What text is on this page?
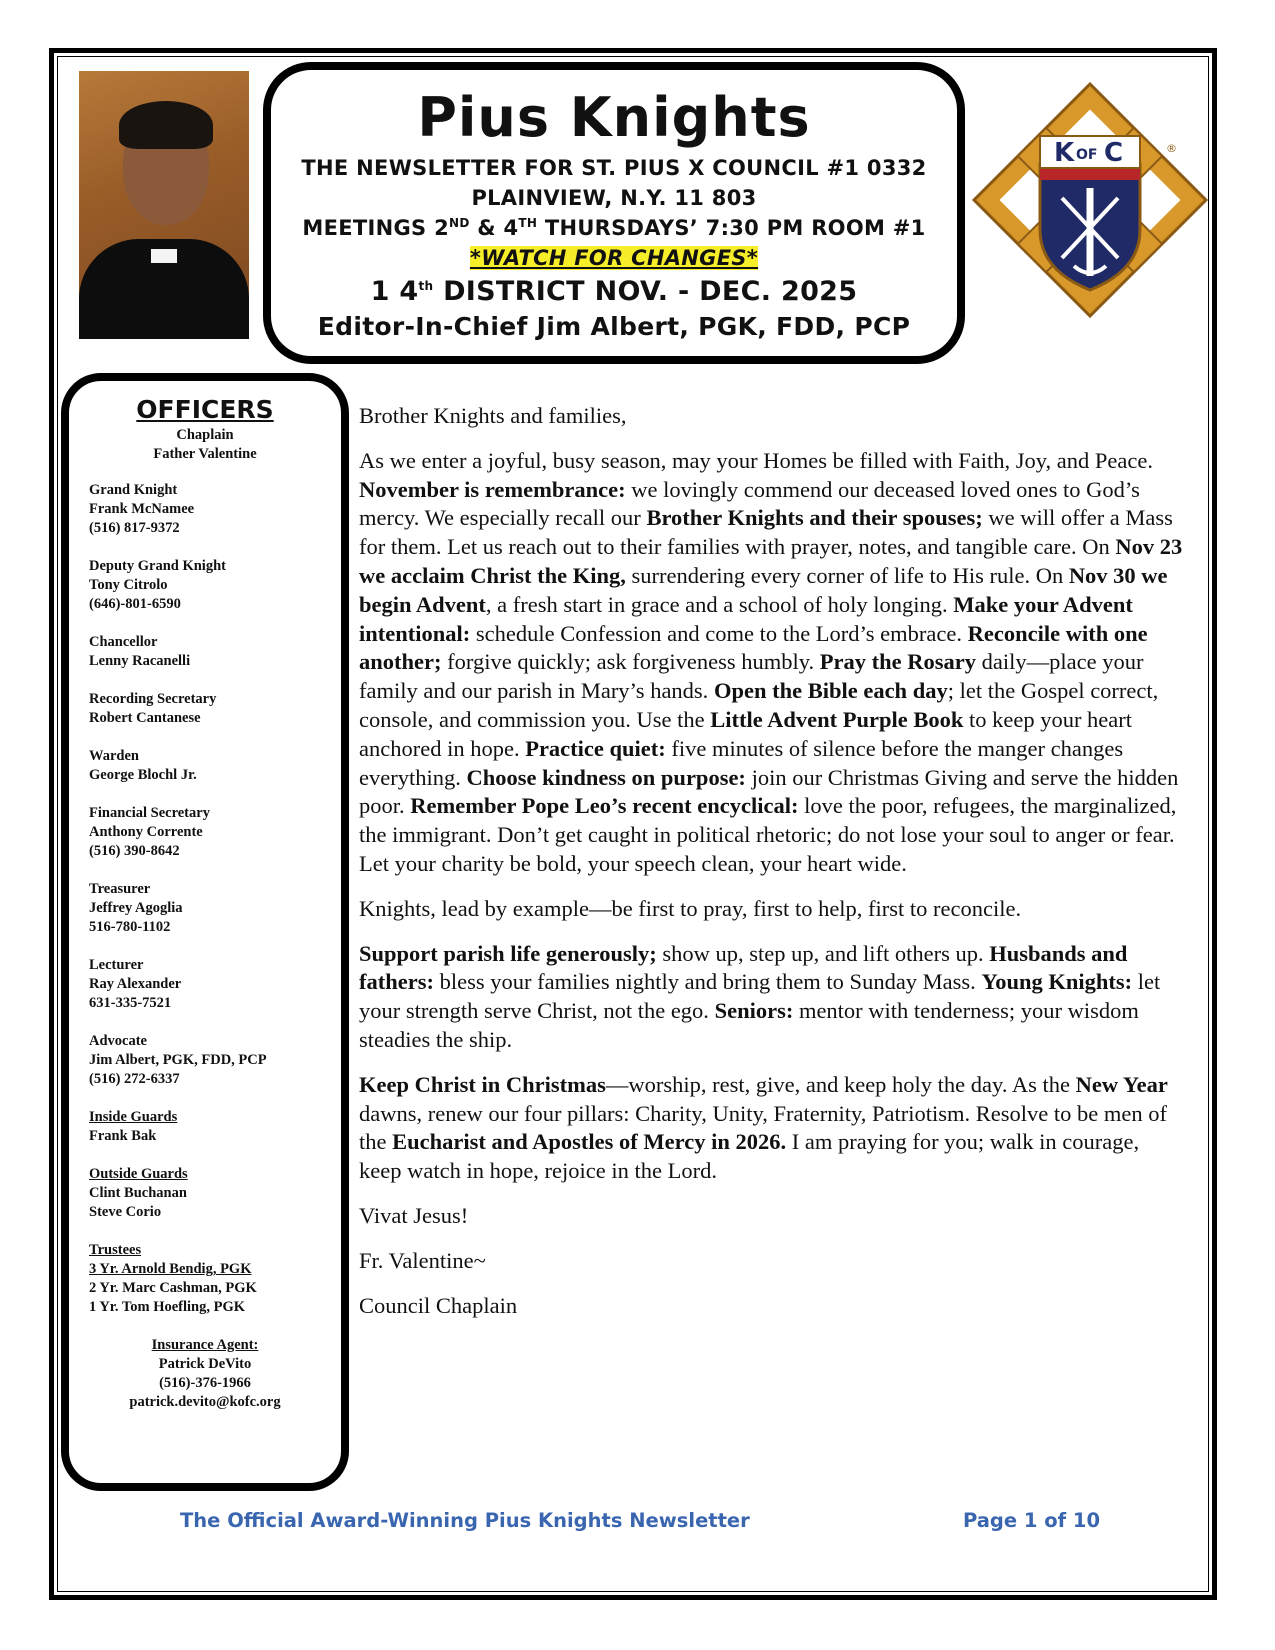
Pius Knights
THE NEWSLETTER FOR ST. PIUS X COUNCIL #1 0332
PLAINVIEW, N.Y. 11 803
MEETINGS 2ND & 4TH THURSDAYS’ 7:30 PM ROOM #1
*WATCH FOR CHANGES*
1 4th DISTRICT NOV. - DEC. 2025
Editor-In-Chief Jim Albert, PGK, FDD, PCP
K OF C	®
OFFICERS
Chaplain
Father Valentine
Grand Knight
Frank McNamee
(516) 817-9372
Deputy Grand Knight
Tony Citrolo
(646)-801-6590
Chancellor
Lenny Racanelli
Recording Secretary
Robert Cantanese
Warden
George Blochl Jr.
Financial Secretary
Anthony Corrente
(516) 390-8642
Treasurer
Jeffrey Agoglia
516-780-1102
Lecturer
Ray Alexander
631-335-7521
Advocate
Jim Albert, PGK, FDD, PCP
(516) 272-6337
Inside Guards
Frank Bak
Outside Guards
Clint Buchanan
Steve Corio
Trustees
3 Yr. Arnold Bendig, PGK
2 Yr. Marc Cashman, PGK
1 Yr. Tom Hoefling, PGK
Insurance Agent:
Patrick DeVito
(516)-376-1966
patrick.devito@kofc.org

Brother Knights and families,

As we enter a joyful, busy season, may your Homes be filled with Faith, Joy, and Peace. November is remembrance: we lovingly commend our deceased loved ones to God’s mercy. We especially recall our Brother Knights and their spouses; we will offer a Mass for them. Let us reach out to their families with prayer, notes, and tangible care. On Nov 23 we acclaim Christ the King, surrendering every corner of life to His rule. On Nov 30 we begin Advent, a fresh start in grace and a school of holy longing. Make your Advent intentional: schedule Confession and come to the Lord’s embrace. Reconcile with one another; forgive quickly; ask forgiveness humbly. Pray the Rosary daily—place your family and our parish in Mary’s hands. Open the Bible each day; let the Gospel correct, console, and commission you. Use the Little Advent Purple Book to keep your heart anchored in hope. Practice quiet: five minutes of silence before the manger changes everything. Choose kindness on purpose: join our Christmas Giving and serve the hidden poor. Remember Pope Leo’s recent encyclical: love the poor, refugees, the marginalized, the immigrant. Don’t get caught in political rhetoric; do not lose your soul to anger or fear.
Let your charity be bold, your speech clean, your heart wide.

Knights, lead by example—be first to pray, first to help, first to reconcile.

Support parish life generously; show up, step up, and lift others up. Husbands and fathers: bless your families nightly and bring them to Sunday Mass. Young Knights: let your strength serve Christ, not the ego. Seniors: mentor with tenderness; your wisdom steadies the ship.

Keep Christ in Christmas—worship, rest, give, and keep holy the day. As the New Year dawns, renew our four pillars: Charity, Unity, Fraternity, Patriotism. Resolve to be men of the Eucharist and Apostles of Mercy in 2026. I am praying for you; walk in courage, keep watch in hope, rejoice in the Lord.

Vivat Jesus!

Fr. Valentine~

Council Chaplain

The Official Award-Winning Pius Knights Newsletter	Page 1 of 10
